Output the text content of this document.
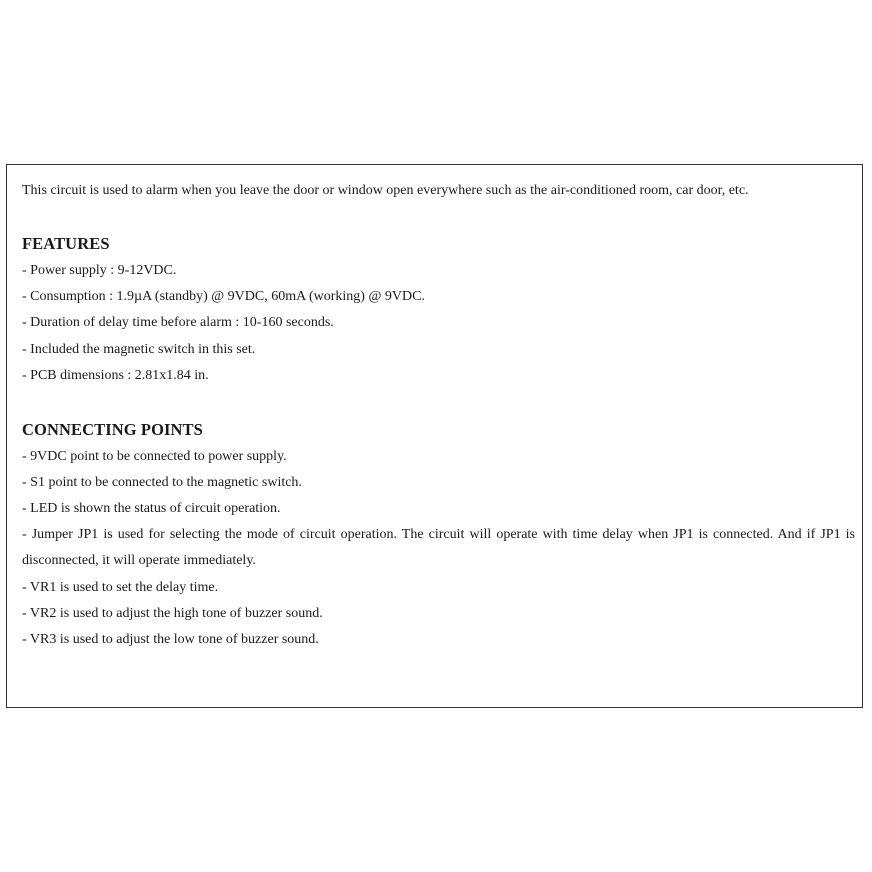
This circuit is used to alarm when you leave the door or window open everywhere such as the air-conditioned room, car door, etc.
FEATURES
- Power supply : 9-12VDC.
- Consumption : 1.9µA (standby) @ 9VDC, 60mA (working) @ 9VDC.
- Duration of delay time before alarm : 10-160 seconds.
- Included the magnetic switch in this set.
- PCB dimensions : 2.81x1.84 in.
CONNECTING POINTS
- 9VDC point to be connected to power supply.
- S1 point to be connected to the magnetic switch.
- LED is shown the status of circuit operation.
- Jumper JP1 is used for selecting the mode of circuit operation. The circuit will operate with time delay when JP1 is connected. And if JP1 is disconnected, it will operate immediately.
- VR1 is used to set the delay time.
- VR2 is used to adjust the high tone of buzzer sound.
- VR3 is used to adjust the low tone of buzzer sound.
